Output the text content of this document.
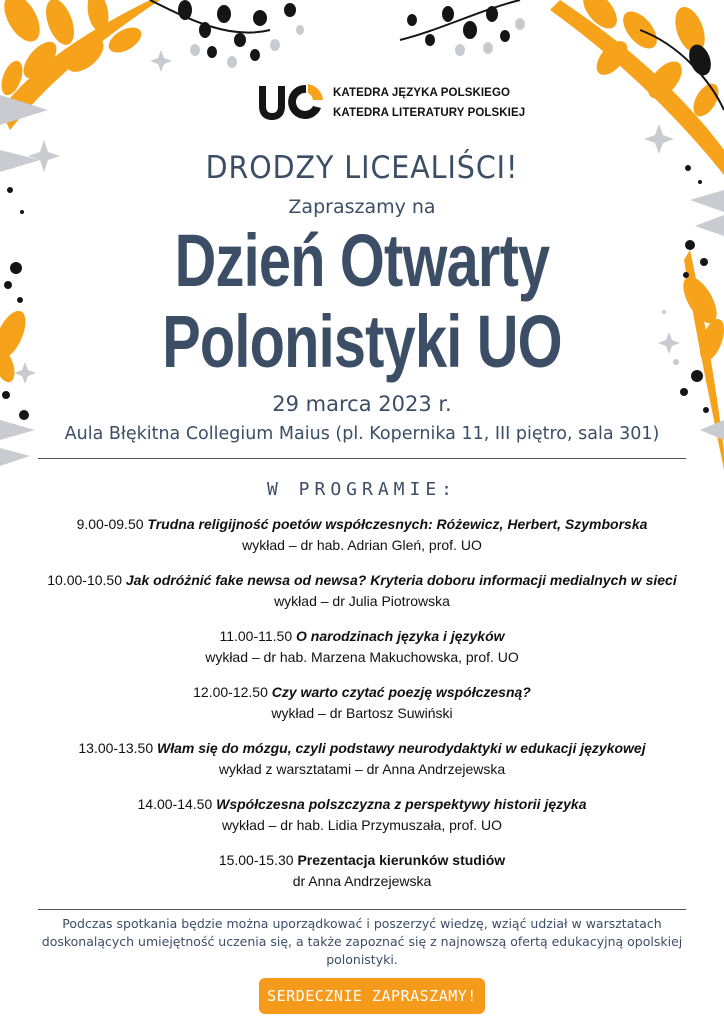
KATEDRA JĘZYKA POLSKIEGO
KATEDRA LITERATURY POLSKIEJ
DRODZY LICEALIŚCI!
Zapraszamy na
Dzień Otwarty
Polonistyki UO
29 marca 2023 r.
Aula Błękitna Collegium Maius (pl. Kopernika 11, III piętro, sala 301)
W PROGRAMIE:
9.00-09.50 Trudna religijność poetów współczesnych: Różewicz, Herbert, Szymborska
wykład – dr hab. Adrian Gleń, prof. UO
10.00-10.50 Jak odróżnić fake newsa od newsa? Kryteria doboru informacji medialnych w sieci
wykład – dr Julia Piotrowska
11.00-11.50 O narodzinach języka i języków
wykład – dr hab. Marzena Makuchowska, prof. UO
12.00-12.50 Czy warto czytać poezję współczesną?
wykład – dr Bartosz Suwiński
13.00-13.50 Włam się do mózgu, czyli podstawy neurodydaktyki w edukacji językowej
wykład z warsztatami – dr Anna Andrzejewska
14.00-14.50 Współczesna polszczyzna z perspektywy historii języka
wykład – dr hab. Lidia Przymuszała, prof. UO
15.00-15.30 Prezentacja kierunków studiów
dr Anna Andrzejewska
Podczas spotkania będzie można uporządkować i poszerzyć wiedzę, wziąć udział w warsztatach doskonalących umiejętność uczenia się, a także zapoznać się z najnowszą ofertą edukacyjną opolskiej polonistyki.
SERDECZNIE ZAPRASZAMY!
